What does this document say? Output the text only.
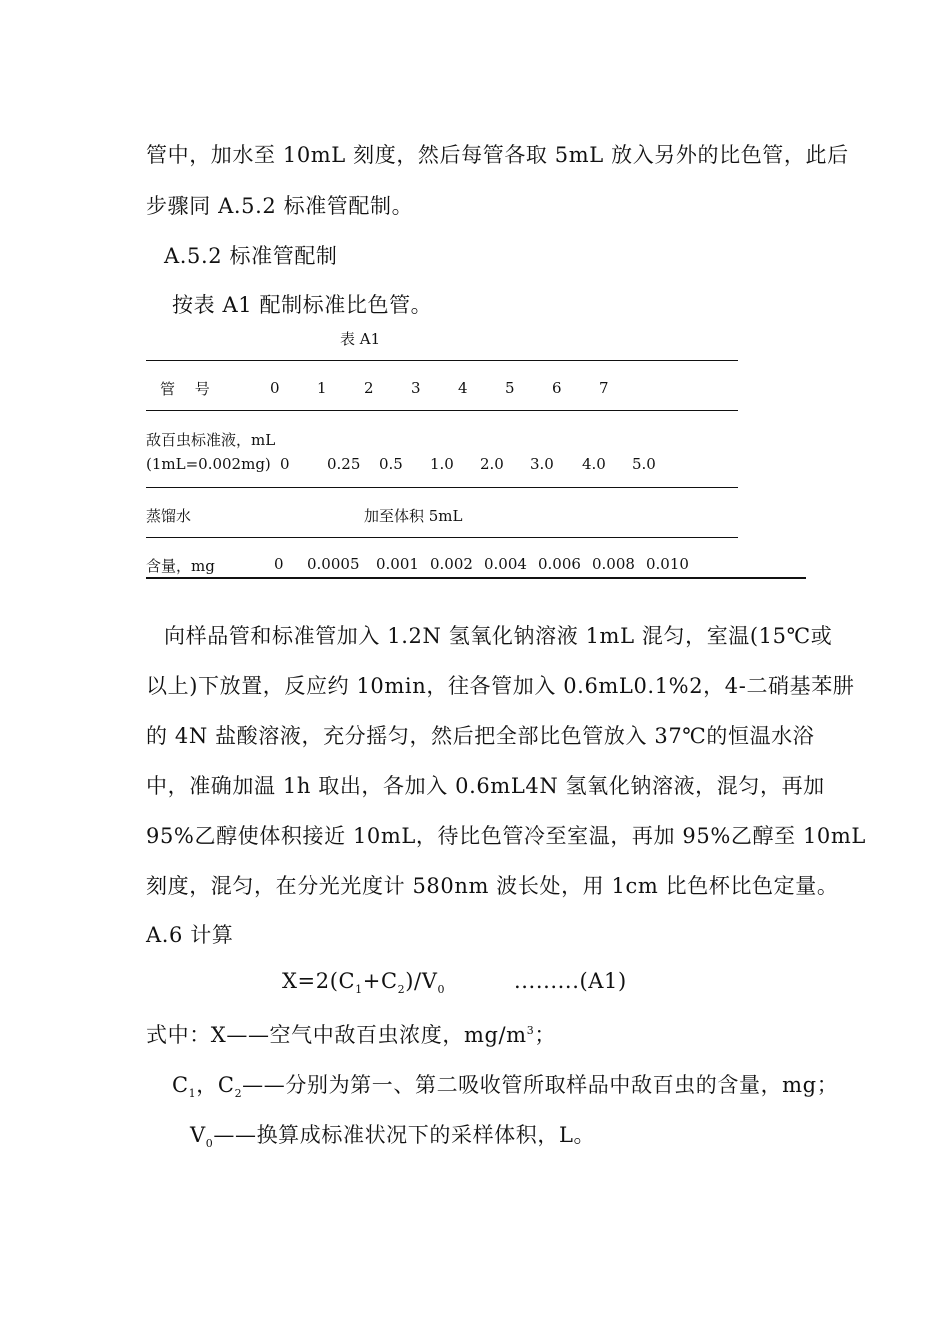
管中，加水至 10mL 刻度，然后每管各取 5mL 放入另外的比色管，此后
步骤同 A.5.2 标准管配制。
A.5.2 标准管配制
按表 A1 配制标准比色管。
表 A1
管　 号	0 1 2 3 4 5 6 7
敌百虫标准液，mL
(1mL=0.002mg) 0 0.25 0.5 1.0 2.0 3.0 4.0 5.0
蒸馏水	加至体积 5mL
含量，mg	0 0.0005 0.001 0.002 0.004 0.006 0.008 0.010
向样品管和标准管加入 1.2N 氢氧化钠溶液 1mL 混匀，室温(15℃或
以上)下放置，反应约 10min，往各管加入 0.6mL0.1%2，4-二硝基苯肼
的 4N 盐酸溶液，充分摇匀，然后把全部比色管放入 37℃的恒温水浴
中，准确加温 1h 取出，各加入 0.6mL4N 氢氧化钠溶液，混匀，再加
95%乙醇使体积接近 10mL，待比色管冷至室温，再加 95%乙醇至 10mL
刻度，混匀，在分光光度计 580nm 波长处，用 1cm 比色杯比色定量。
A.6 计算
$X=2(C_1+C_2)/V_0$	.........(A1)
式中：X——空气中敌百虫浓度，$mg/m^3$；
$C_1$，$C_2——$分别为第一、第二吸收管所取样品中敌百虫的含量，mg；
$V_0——$换算成标准状况下的采样体积，L。
